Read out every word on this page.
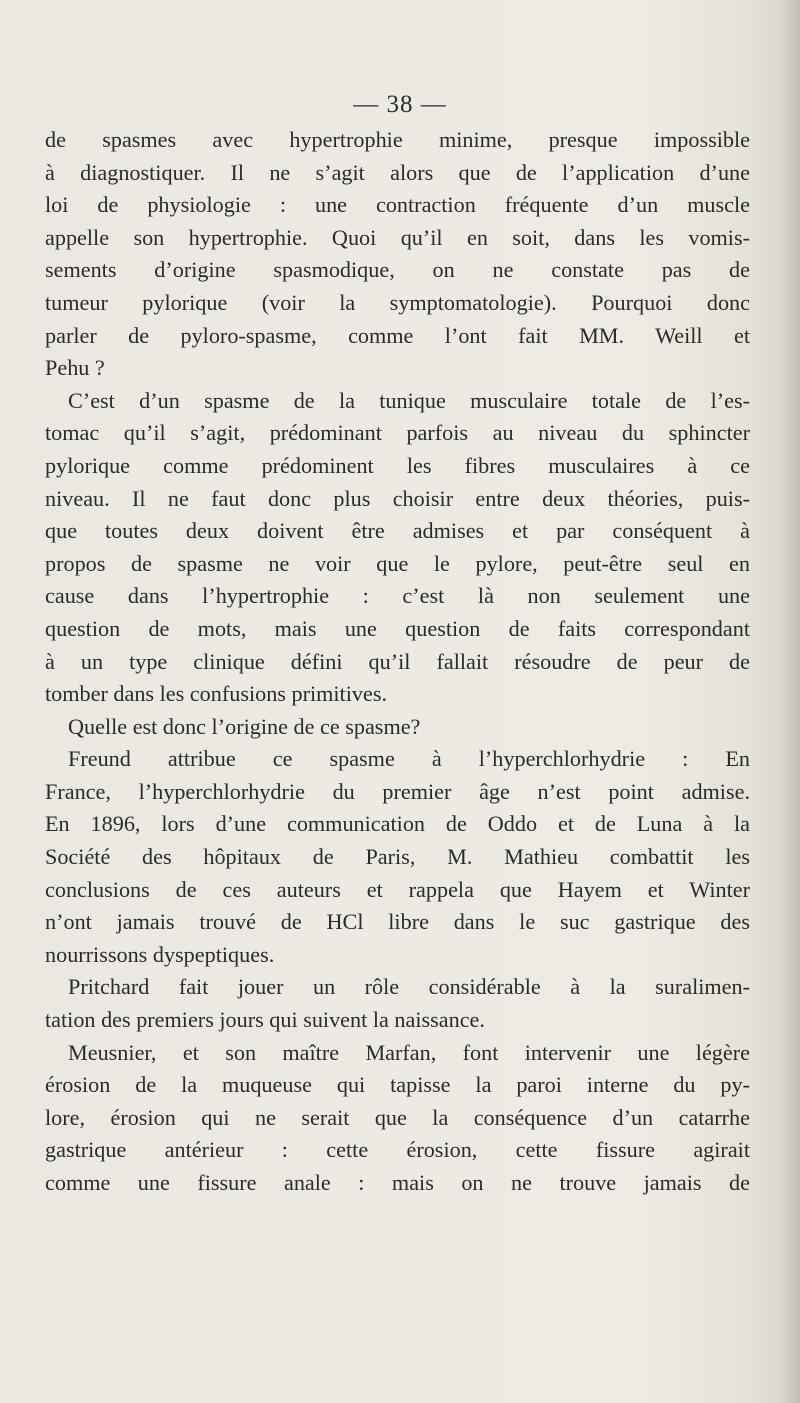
— 38 —
de spasmes avec hypertrophie minime, presque impossible
à diagnostiquer. Il ne s’agit alors que de l’application d’une
loi de physiologie : une contraction fréquente d’un muscle
appelle son hypertrophie. Quoi qu’il en soit, dans les vomis-
sements d’origine spasmodique, on ne constate pas de
tumeur pylorique (voir la symptomatologie). Pourquoi donc
parler de pyloro-spasme, comme l’ont fait MM. Weill et
Pehu ?
C’est d’un spasme de la tunique musculaire totale de l’es-
tomac qu’il s’agit, prédominant parfois au niveau du sphincter
pylorique comme prédominent les fibres musculaires à ce
niveau. Il ne faut donc plus choisir entre deux théories, puis-
que toutes deux doivent être admises et par conséquent à
propos de spasme ne voir que le pylore, peut-être seul en
cause dans l’hypertrophie : c’est là non seulement une
question de mots, mais une question de faits correspondant
à un type clinique défini qu’il fallait résoudre de peur de
tomber dans les confusions primitives.
Quelle est donc l’origine de ce spasme?
Freund attribue ce spasme à l’hyperchlorhydrie : En
France, l’hyperchlorhydrie du premier âge n’est point admise.
En 1896, lors d’une communication de Oddo et de Luna à la
Société des hôpitaux de Paris, M. Mathieu combattit les
conclusions de ces auteurs et rappela que Hayem et Winter
n’ont jamais trouvé de HCl libre dans le suc gastrique des
nourrissons dyspeptiques.
Pritchard fait jouer un rôle considérable à la suralimen-
tation des premiers jours qui suivent la naissance.
Meusnier, et son maître Marfan, font intervenir une légère
érosion de la muqueuse qui tapisse la paroi interne du py-
lore, érosion qui ne serait que la conséquence d’un catarrhe
gastrique antérieur : cette érosion, cette fissure agirait
comme une fissure anale : mais on ne trouve jamais de
